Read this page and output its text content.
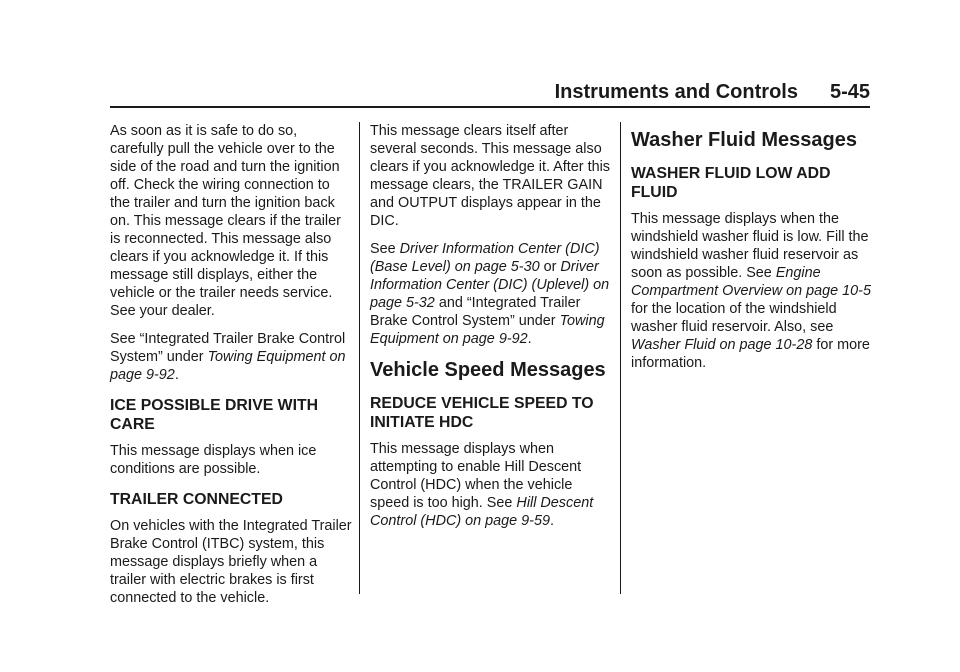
Instruments and Controls 5-45

As soon as it is safe to do so, carefully pull the vehicle over to the side of the road and turn the ignition off. Check the wiring connection to the trailer and turn the ignition back on. This message clears if the trailer is reconnected. This message also clears if you acknowledge it. If this message still displays, either the vehicle or the trailer needs service. See your dealer.

See “Integrated Trailer Brake Control System” under Towing Equipment on page 9-92.

ICE POSSIBLE DRIVE WITH CARE

This message displays when ice conditions are possible.

TRAILER CONNECTED

On vehicles with the Integrated Trailer Brake Control (ITBC) system, this message displays briefly when a trailer with electric brakes is first connected to the vehicle.

This message clears itself after several seconds. This message also clears if you acknowledge it. After this message clears, the TRAILER GAIN and OUTPUT displays appear in the DIC.

See Driver Information Center (DIC) (Base Level) on page 5-30 or Driver Information Center (DIC) (Uplevel) on page 5-32 and “Integrated Trailer Brake Control System” under Towing Equipment on page 9-92.

Vehicle Speed Messages
REDUCE VEHICLE SPEED TO INITIATE HDC

This message displays when attempting to enable Hill Descent Control (HDC) when the vehicle speed is too high. See Hill Descent Control (HDC) on page 9-59.

Washer Fluid Messages
WASHER FLUID LOW ADD FLUID

This message displays when the windshield washer fluid is low. Fill the windshield washer fluid reservoir as soon as possible. See Engine Compartment Overview on page 10-5 for the location of the windshield washer fluid reservoir. Also, see Washer Fluid on page 10-28 for more information.
